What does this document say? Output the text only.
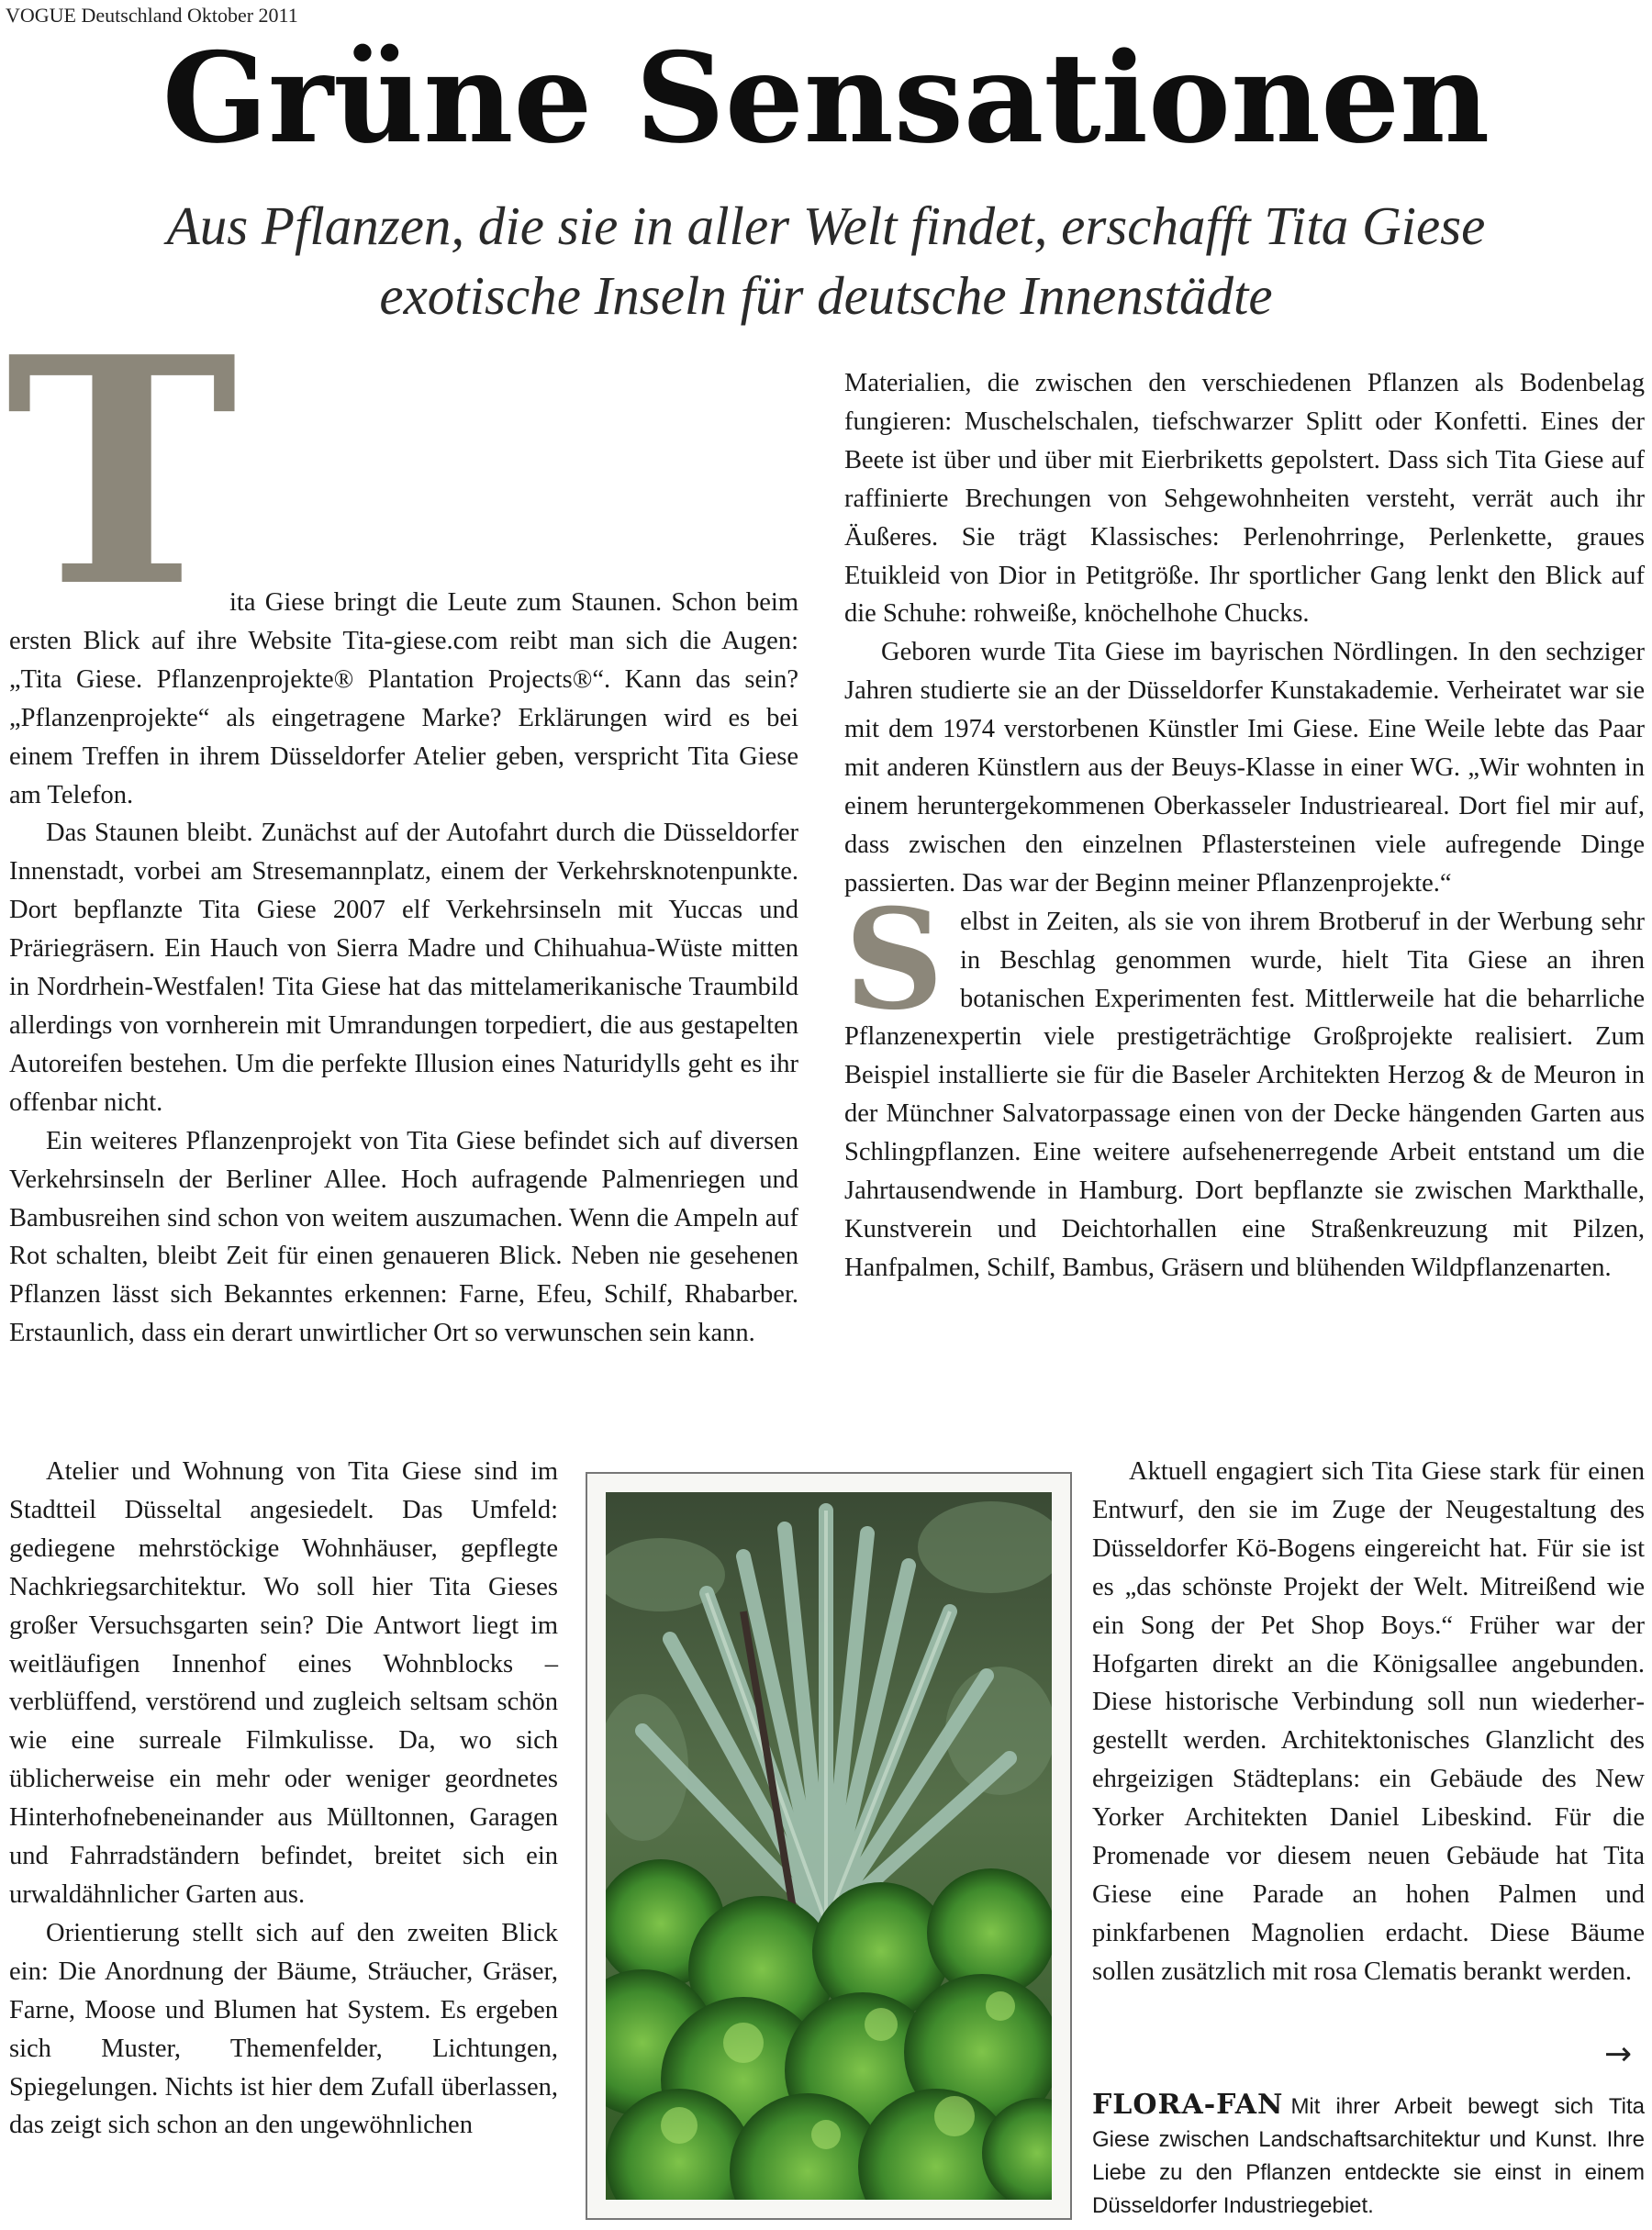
VOGUE Deutschland Oktober 2011
Grüne Sensationen
Aus Pflanzen, die sie in aller Welt findet, erschafft Tita Giese
exotische Inseln für deutsche Innenstädte
T

ita Giese bringt die Leute zum Staunen. Schon beim ersten Blick auf ihre Website Tita-giese.com reibt man sich die Augen: „Tita Giese. Pflanzenprojekte® Plantation Projects®“. Kann das sein? „Pflanzenprojekte“ als eingetragene Marke? Erklärungen wird es bei einem Treffen in ihrem Düsseldorfer Atelier geben, verspricht Tita Giese am Telefon.

Das Staunen bleibt. Zunächst auf der Autofahrt durch die Düsseldorfer Innenstadt, vorbei am Stresemannplatz, einem der Verkehrsknotenpunkte. Dort bepflanzte Tita Giese 2007 elf Verkehrsinseln mit Yuccas und Präriegräsern. Ein Hauch von Sierra Madre und Chihuahua-Wüste mitten in Nordrhein-Westfalen! Tita Giese hat das mittelamerikanische Traumbild allerdings von vornherein mit Umrandungen torpediert, die aus gestapelten Autoreifen bestehen. Um die perfekte Illusion eines Naturidylls geht es ihr offenbar nicht.

Ein weiteres Pflanzenprojekt von Tita Giese befindet sich auf diversen Verkehrsinseln der Berliner Allee. Hoch aufragende Palmenriegen und Bambusreihen sind schon von weitem auszumachen. Wenn die Ampeln auf Rot schalten, bleibt Zeit für einen genaueren Blick. Neben nie gesehenen Pflanzen lässt sich Bekanntes erkennen: Farne, Efeu, Schilf, Rhabarber. Erstaunlich, dass ein derart unwirtlicher Ort so verwunschen sein kann.

Atelier und Wohnung von Tita Giese sind im Stadtteil Düsseltal angesiedelt. Das Umfeld: gediegene mehrstöckige Wohnhäuser, gepflegte Nachkriegsarchitektur. Wo soll hier Tita Gieses großer Versuchsgarten sein? Die Antwort liegt im weitläufigen Innenhof eines Wohnblocks – verblüffend, verstörend und zugleich seltsam schön wie eine surreale Filmkulisse. Da, wo sich üblicherweise ein mehr oder weniger geordnetes Hinterhofnebeneinander aus Mülltonnen, Garagen und Fahrradständern befindet, breitet sich ein urwaldähnlicher Garten aus.

Orientierung stellt sich auf den zweiten Blick ein: Die Anordnung der Bäume, Sträucher, Gräser, Farne, Moose und Blumen hat System. Es ergeben sich Muster, Themenfelder, Lichtungen, Spiegelungen. Nichts ist hier dem Zufall überlassen, das zeigt sich schon an den ungewöhnlichen

Materialien, die zwischen den verschiedenen Pflanzen als Bodenbelag fungieren: Muschelschalen, tiefschwarzer Splitt oder Konfetti. Eines der Beete ist über und über mit Eierbriketts gepolstert. Dass sich Tita Giese auf raffinierte Brechungen von Sehgewohnheiten versteht, verrät auch ihr Äußeres. Sie trägt Klassisches: Perlenohrringe, Perlenkette, graues Etuikleid von Dior in Petitgröße. Ihr sportlicher Gang lenkt den Blick auf die Schuhe: rohweiße, knöchelhohe Chucks.

Geboren wurde Tita Giese im bayrischen Nördlingen. In den sechziger Jahren studierte sie an der Düsseldorfer Kunstakademie. Verheiratet war sie mit dem 1974 verstorbenen Künstler Imi Giese. Eine Weile lebte das Paar mit anderen Künstlern aus der Beuys-Klasse in einer WG. „Wir wohnten in einem heruntergekommenen Oberkasseler Industrieareal. Dort fiel mir auf, dass zwischen den einzelnen Pflastersteinen viele aufregende Dinge passierten. Das war der Beginn meiner Pflanzenprojekte.“

Selbst in Zeiten, als sie von ihrem Brotberuf in der Werbung sehr in Beschlag genommen wurde, hielt Tita Giese an ihren botanischen Experimenten fest. Mittlerweile hat die beharrliche Pflanzenexpertin viele prestigeträchtige Großprojekte realisiert. Zum Beispiel installierte sie für die Baseler Architekten Herzog & de Meuron in der Münchner Salvatorpassage einen von der Decke hängenden Garten aus Schlingpflanzen. Eine weitere aufsehenerregende Arbeit entstand um die Jahrtausendwende in Hamburg. Dort bepflanzte sie zwischen Markthalle, Kunstverein und Deichtorhallen eine Straßenkreuzung mit Pilzen, Hanfpalmen, Schilf, Bambus, Gräsern und blühenden Wildpflanzenarten.

Aktuell engagiert sich Tita Giese stark für einen Entwurf, den sie im Zuge der Neugestaltung des Düsseldorfer Kö-Bogens eingereicht hat. Für sie ist es „das schönste Projekt der Welt. Mitreißend wie ein Song der Pet Shop Boys.“ Früher war der Hofgarten direkt an die Königsallee angebunden. Diese historische Verbindung soll nun wiederhergestellt werden. Architektonisches Glanzlicht des ehrgeizigen Städteplans: ein Gebäude des New Yorker Architekten Daniel Libeskind. Für die Promenade vor diesem neuen Gebäude hat Tita Giese eine Parade an hohen Palmen und pinkfarbenen Magnolien erdacht. Diese Bäume sollen zusätzlich mit rosa Clematis berankt werden.

→
FLORA-FAN Mit ihrer Arbeit bewegt sich Tita Giese zwischen Landschaftsarchitektur und Kunst. Ihre Liebe zu den Pflanzen entdeckte sie einst in einem Düsseldorfer Industriegebiet.
